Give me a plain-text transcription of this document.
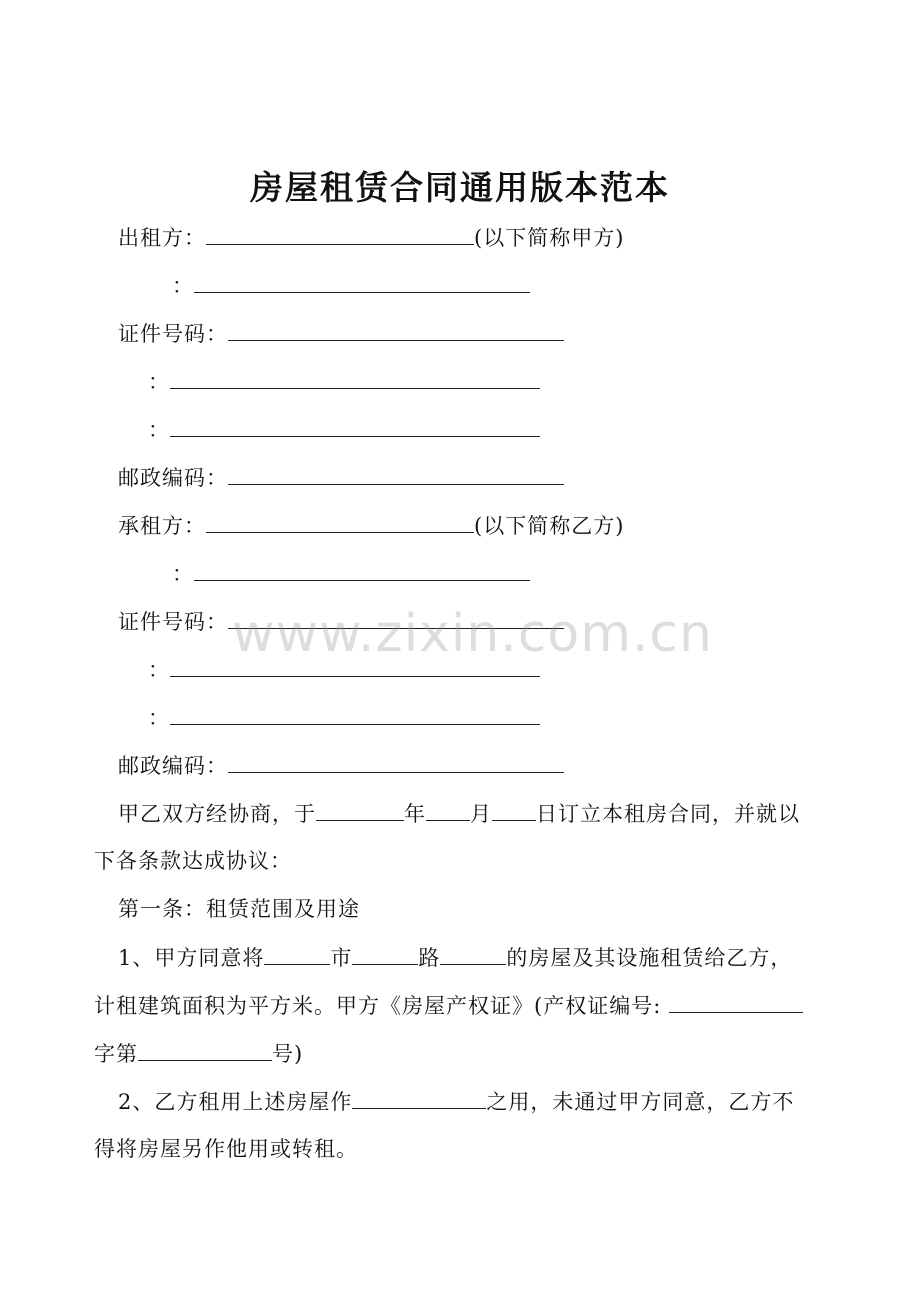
房屋租赁合同通用版本范本
出租方：	(以下简称甲方)
：
证件号码：
：
：
邮政编码：
承租方：	(以下简称乙方)
：
证件号码：
：
：
邮政编码：
甲乙双方经协商，于	年 月 日订立本租房合同，并就以
下各条款达成协议：
第一条：租赁范围及用途
1、甲方同意将	市	路	的房屋及其设施租赁给乙方，
计租建筑面积为平方米。甲方《房屋产权证》(产权证编号:
字第	号)
2、乙方租用上述房屋作	之用，未通过甲方同意，乙方不
得将房屋另作他用或转租。
www.zixin.com.cn
